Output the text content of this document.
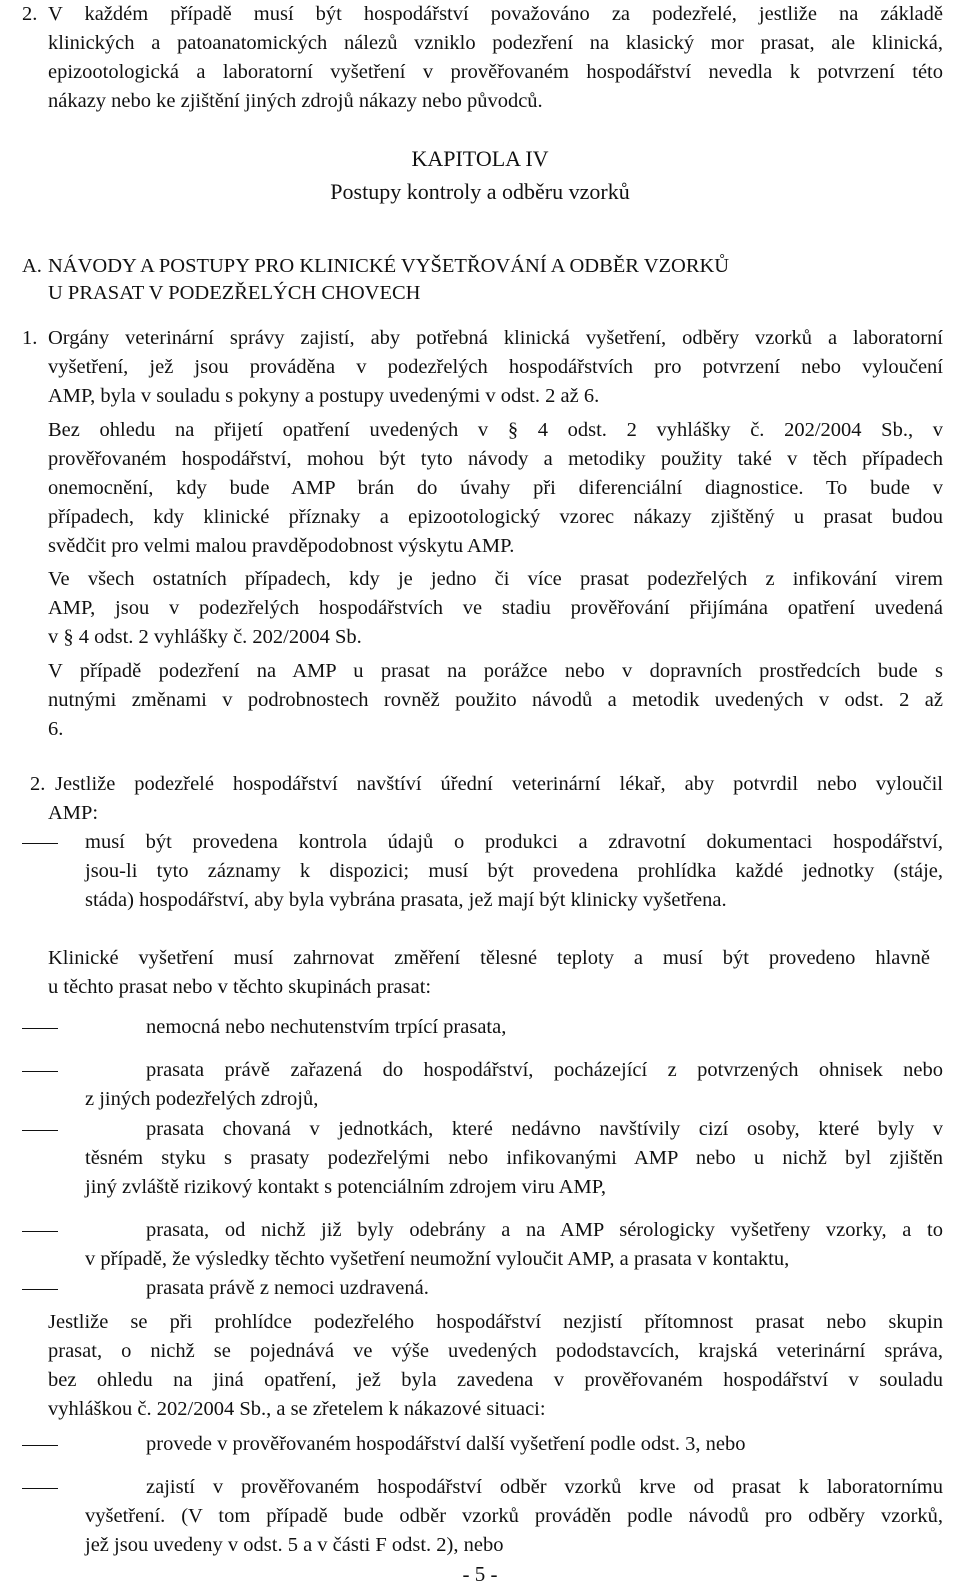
2. V každém případě musí být hospodářství považováno za podezřelé, jestliže na základě
klinických a patoanatomických nálezů vzniklo podezření na klasický mor prasat, ale klinická,
epizootologická a laboratorní vyšetření v prověřovaném hospodářství nevedla k potvrzení této
nákazy nebo ke zjištění jiných zdrojů nákazy nebo původců.
KAPITOLA IV
Postupy kontroly a odběru vzorků
A. NÁVODY A POSTUPY PRO KLINICKÉ VYŠETŘOVÁNÍ A ODBĚR VZORKŮ
U PRASAT V PODEZŘELÝCH CHOVECH
1. Orgány veterinární správy zajistí, aby potřebná klinická vyšetření, odběry vzorků a laboratorní
vyšetření, jež jsou prováděna v podezřelých hospodářstvích pro potvrzení nebo vyloučení
AMP, byla v souladu s pokyny a postupy uvedenými v odst. 2 až 6.
Bez ohledu na přijetí opatření uvedených v § 4 odst. 2 vyhlášky č. 202/2004 Sb., v
prověřovaném hospodářství, mohou být tyto návody a metodiky použity také v těch případech
onemocnění, kdy bude AMP brán do úvahy při diferenciální diagnostice. To bude v
případech, kdy klinické příznaky a epizootologický vzorec nákazy zjištěný u prasat budou
svědčit pro velmi malou pravděpodobnost výskytu AMP.
Ve všech ostatních případech, kdy je jedno či více prasat podezřelých z infikování virem
AMP, jsou v podezřelých hospodářstvích ve stadiu prověřování přijímána opatření uvedená
v § 4 odst. 2 vyhlášky č. 202/2004 Sb.
V případě podezření na AMP u prasat na porážce nebo v dopravních prostředcích bude s
nutnými změnami v podrobnostech rovněž použito návodů a metodik uvedených v odst. 2 až
6.
2. Jestliže podezřelé hospodářství navštíví úřední veterinární lékař, aby potvrdil nebo vyloučil
AMP:
musí být provedena kontrola údajů o produkci a zdravotní dokumentaci hospodářství,
jsou-li tyto záznamy k dispozici; musí být provedena prohlídka každé jednotky (stáje,
stáda) hospodářství, aby byla vybrána prasata, jež mají být klinicky vyšetřena.
Klinické vyšetření musí zahrnovat změření tělesné teploty a musí být provedeno hlavně
u těchto prasat nebo v těchto skupinách prasat:
nemocná nebo nechutenstvím trpící prasata,
prasata právě zařazená do hospodářství, pocházející z potvrzených ohnisek nebo
z jiných podezřelých zdrojů,
prasata chovaná v jednotkách, které nedávno navštívily cizí osoby, které byly v
těsném styku s prasaty podezřelými nebo infikovanými AMP nebo u nichž byl zjištěn
jiný zvláště rizikový kontakt s potenciálním zdrojem viru AMP,
prasata, od nichž již byly odebrány a na AMP sérologicky vyšetřeny vzorky, a to
v případě, že výsledky těchto vyšetření neumožní vyloučit AMP, a prasata v kontaktu,
prasata právě z nemoci uzdravená.
Jestliže se při prohlídce podezřelého hospodářství nezjistí přítomnost prasat nebo skupin
prasat, o nichž se pojednává ve výše uvedených pododstavcích, krajská veterinární správa,
bez ohledu na jiná opatření, jež byla zavedena v prověřovaném hospodářství v souladu
vyhláškou č. 202/2004 Sb., a se zřetelem k nákazové situaci:
provede v prověřovaném hospodářství další vyšetření podle odst. 3, nebo
zajistí v prověřovaném hospodářství odběr vzorků krve od prasat k laboratornímu
vyšetření. (V tom případě bude odběr vzorků prováděn podle návodů pro odběry vzorků,
jež jsou uvedeny v odst. 5 a v části F odst. 2), nebo
- 5 -
